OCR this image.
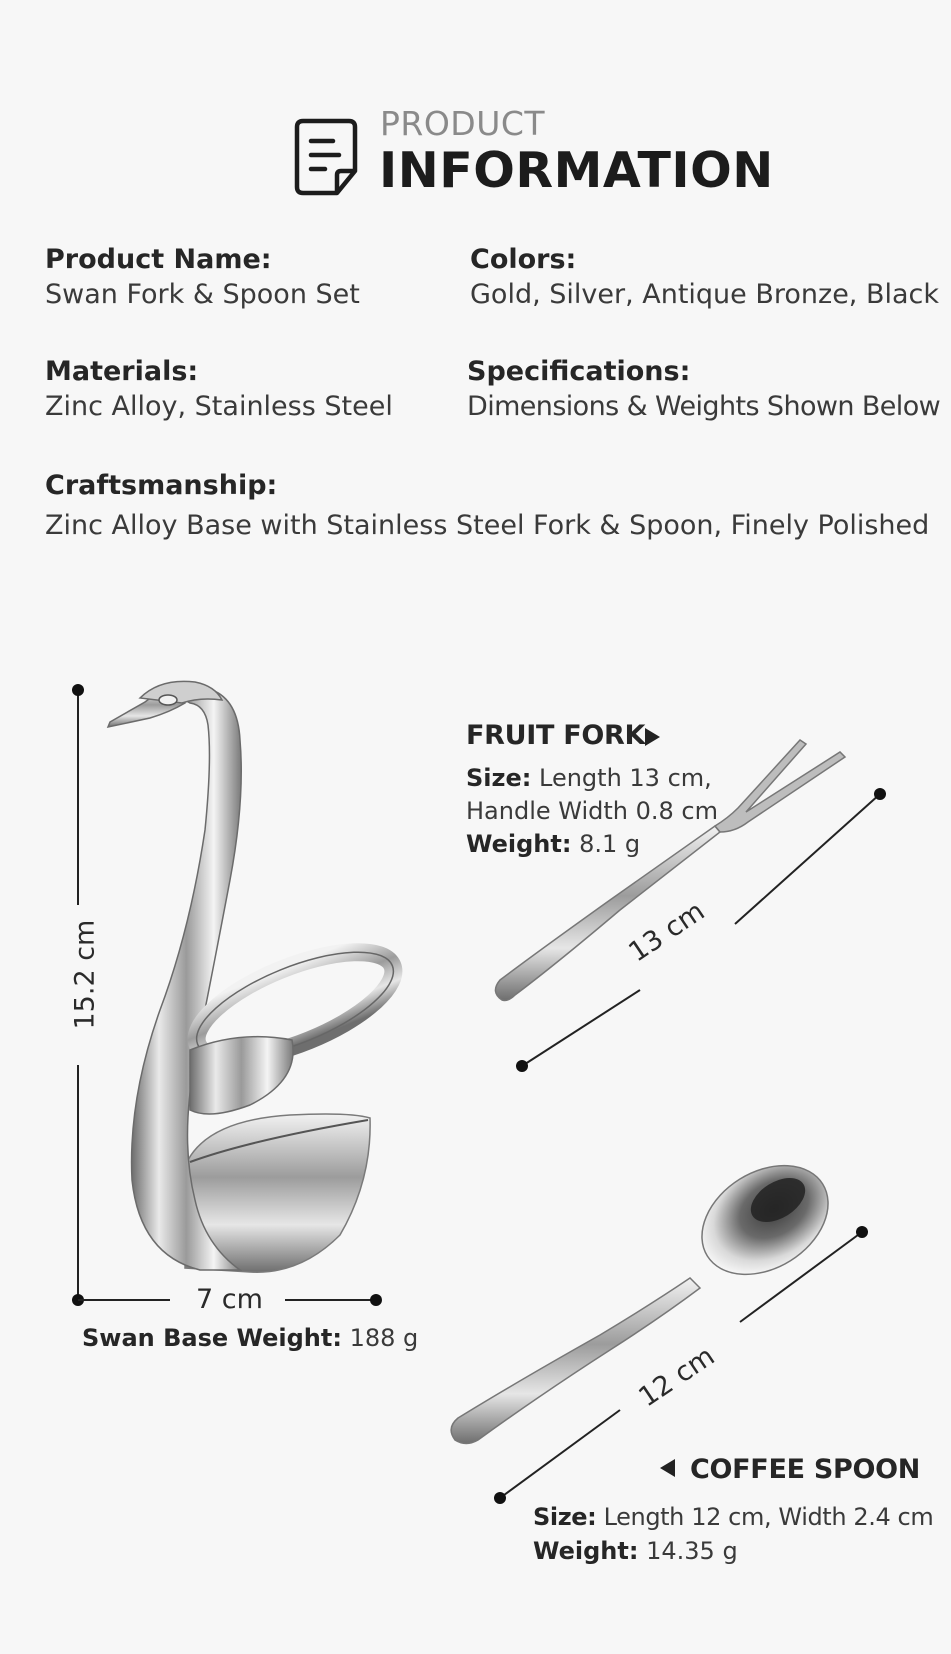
PRODUCT
INFORMATION
Product Name:
Swan Fork & Spoon Set
Colors:
Gold, Silver, Antique Bronze, Black
Materials:
Zinc Alloy, Stainless Steel
Specifications:
Dimensions & Weights Shown Below
Craftsmanship:
Zinc Alloy Base with Stainless Steel Fork & Spoon, Finely Polished
15.2 cm
7 cm
Swan Base Weight: 188 g
FRUIT FORK
Size: Length 13 cm,
Handle Width 0.8 cm
Weight: 8.1 g
13 cm
12 cm
COFFEE SPOON
Size: Length 12 cm, Width 2.4 cm
Weight: 14.35 g
